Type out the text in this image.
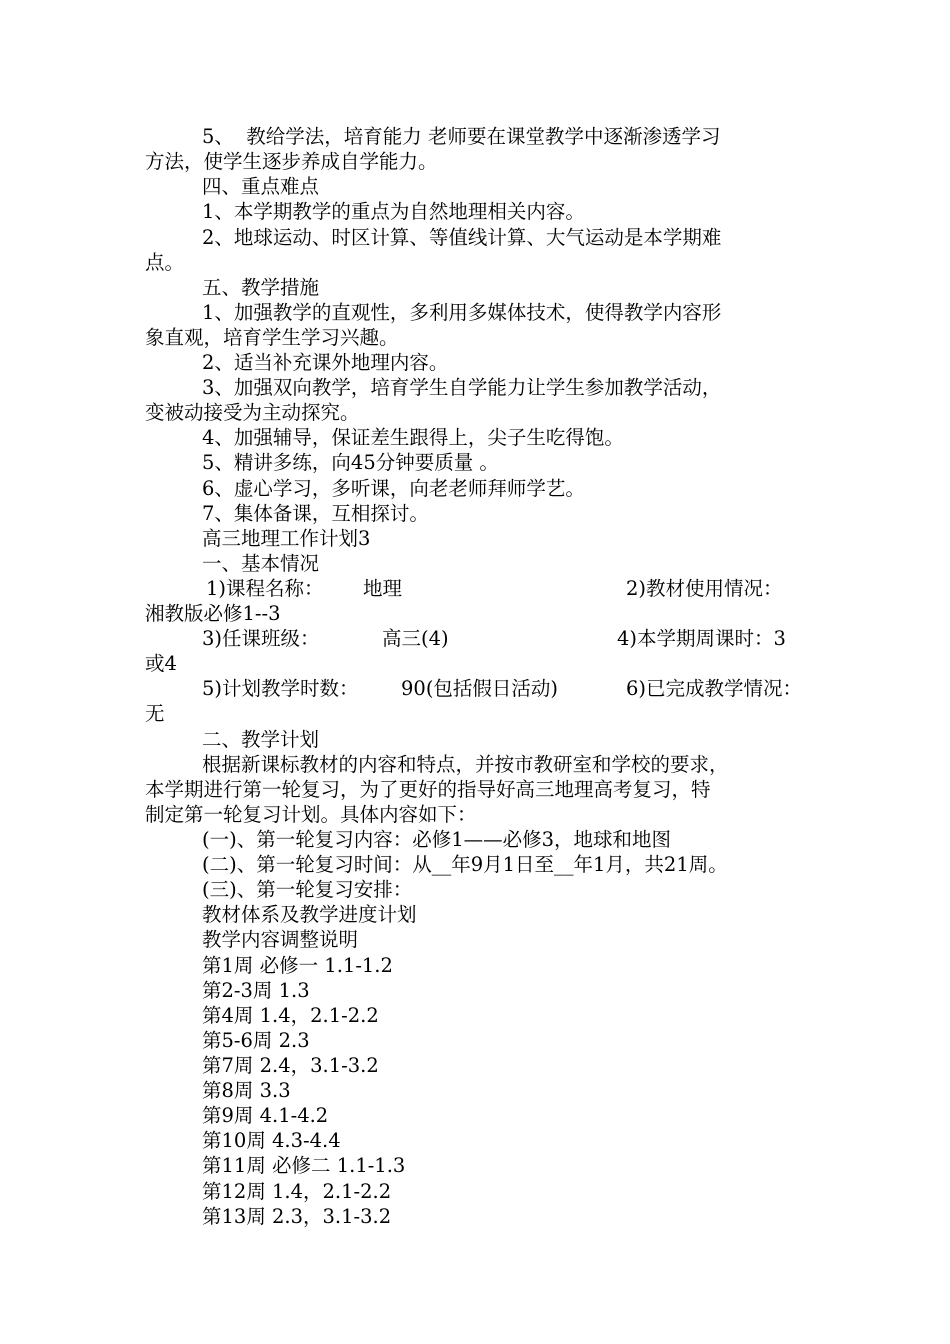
5、  教给学法，培育能力 老师要在课堂教学中逐渐渗透学习
方法，使学生逐步养成自学能力。
四、重点难点
1、本学期教学的重点为自然地理相关内容。
2、地球运动、时区计算、等值线计算、大气运动是本学期难
点。
五、教学措施
1、加强教学的直观性，多利用多媒体技术，使得教学内容形
象直观，培育学生学习兴趣。
2、适当补充课外地理内容。
3、加强双向教学，培育学生自学能力让学生参加教学活动，
变被动接受为主动探究。
4、加强辅导，保证差生跟得上，尖子生吃得饱。
5、精讲多练，向45分钟要质量 。
6、虚心学习，多听课，向老老师拜师学艺。
7、集体备课，互相探讨。
高三地理工作计划3
一、基本情况
1)课程名称： 地理	2)教材使用情况：
湘教版必修1--3
3)任课班级：	高三(4)	4)本学期周课时：3
或4
5)计划教学时数： 90(包括假日活动)	6)已完成教学情况：
无
二、教学计划
根据新课标教材的内容和特点，并按市教研室和学校的要求，
本学期进行第一轮复习，为了更好的指导好高三地理高考复习，特
制定第一轮复习计划。具体内容如下：
(一)、第一轮复习内容：必修1——必修3，地球和地图
(二)、第一轮复习时间：从__年9月1日至__年1月，共21周。
(三)、第一轮复习安排：
教材体系及教学进度计划
教学内容调整说明
第1周 必修一 1.1-1.2
第2-3周 1.3
第4周 1.4，2.1-2.2
第5-6周 2.3
第7周 2.4，3.1-3.2
第8周 3.3
第9周 4.1-4.2
第10周 4.3-4.4
第11周 必修二 1.1-1.3
第12周 1.4，2.1-2.2
第13周 2.3，3.1-3.2
